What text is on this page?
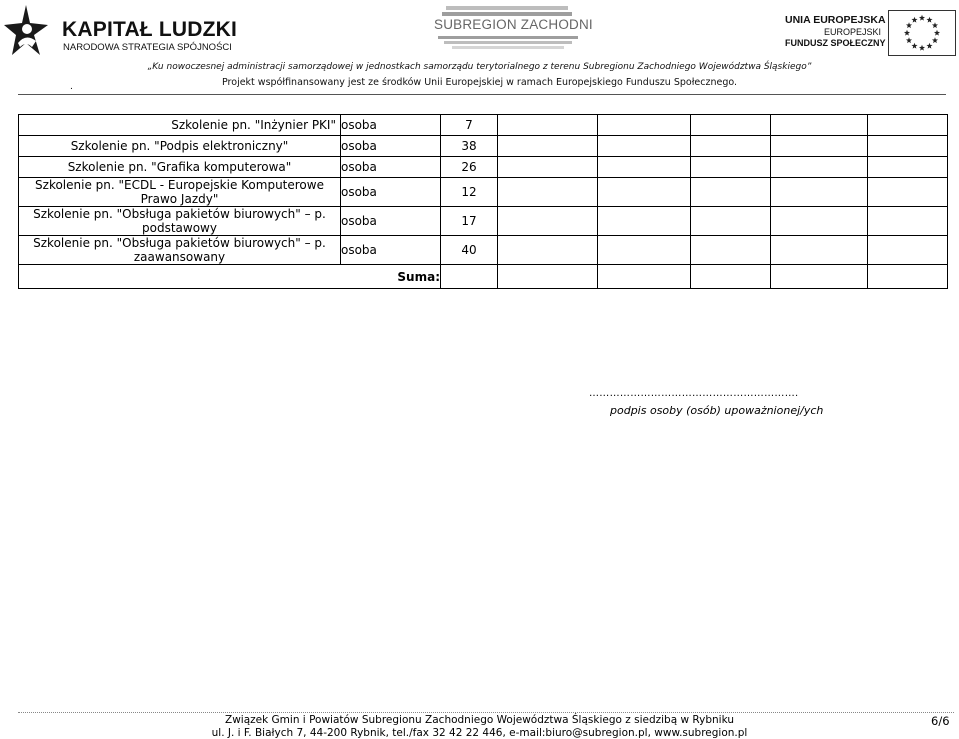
KAPITAŁ LUDZKI
NARODOWA STRATEGIA SPÓJNOŚCI
SUBREGION ZACHODNI	UNIA EUROPEJSKA
EUROPEJSKI
FUNDUSZ SPOŁECZNY
„Ku nowoczesnej administracji samorządowej w jednostkach samorządu terytorialnego z terenu Subregionu Zachodniego Województwa Śląskiego”
.	Projekt współfinansowany jest ze środków Unii Europejskiej w ramach Europejskiego Funduszu Społecznego.
Szkolenie pn. "Inżynier PKI"	osoba	7					
Szkolenie pn. "Podpis elektroniczny"	osoba	38					
Szkolenie pn. "Grafika komputerowa"	osoba	26					
Szkolenie pn. "ECDL - Europejskie Komputerowe Prawo Jazdy"	osoba	12					
Szkolenie pn. "Obsługa pakietów biurowych" – p. podstawowy	osoba	17					
Szkolenie pn. "Obsługa pakietów biurowych" – p. zaawansowany	osoba	40					
Suma:							
…………………………………………………….
podpis osoby (osób) upoważnionej/ych
Związek Gmin i Powiatów Subregionu Zachodniego Województwa Śląskiego z siedzibą w Rybniku
ul. J. i F. Białych 7, 44-200 Rybnik, tel./fax 32 42 22 446, e-mail:biuro@subregion.pl, www.subregion.pl
6/6
